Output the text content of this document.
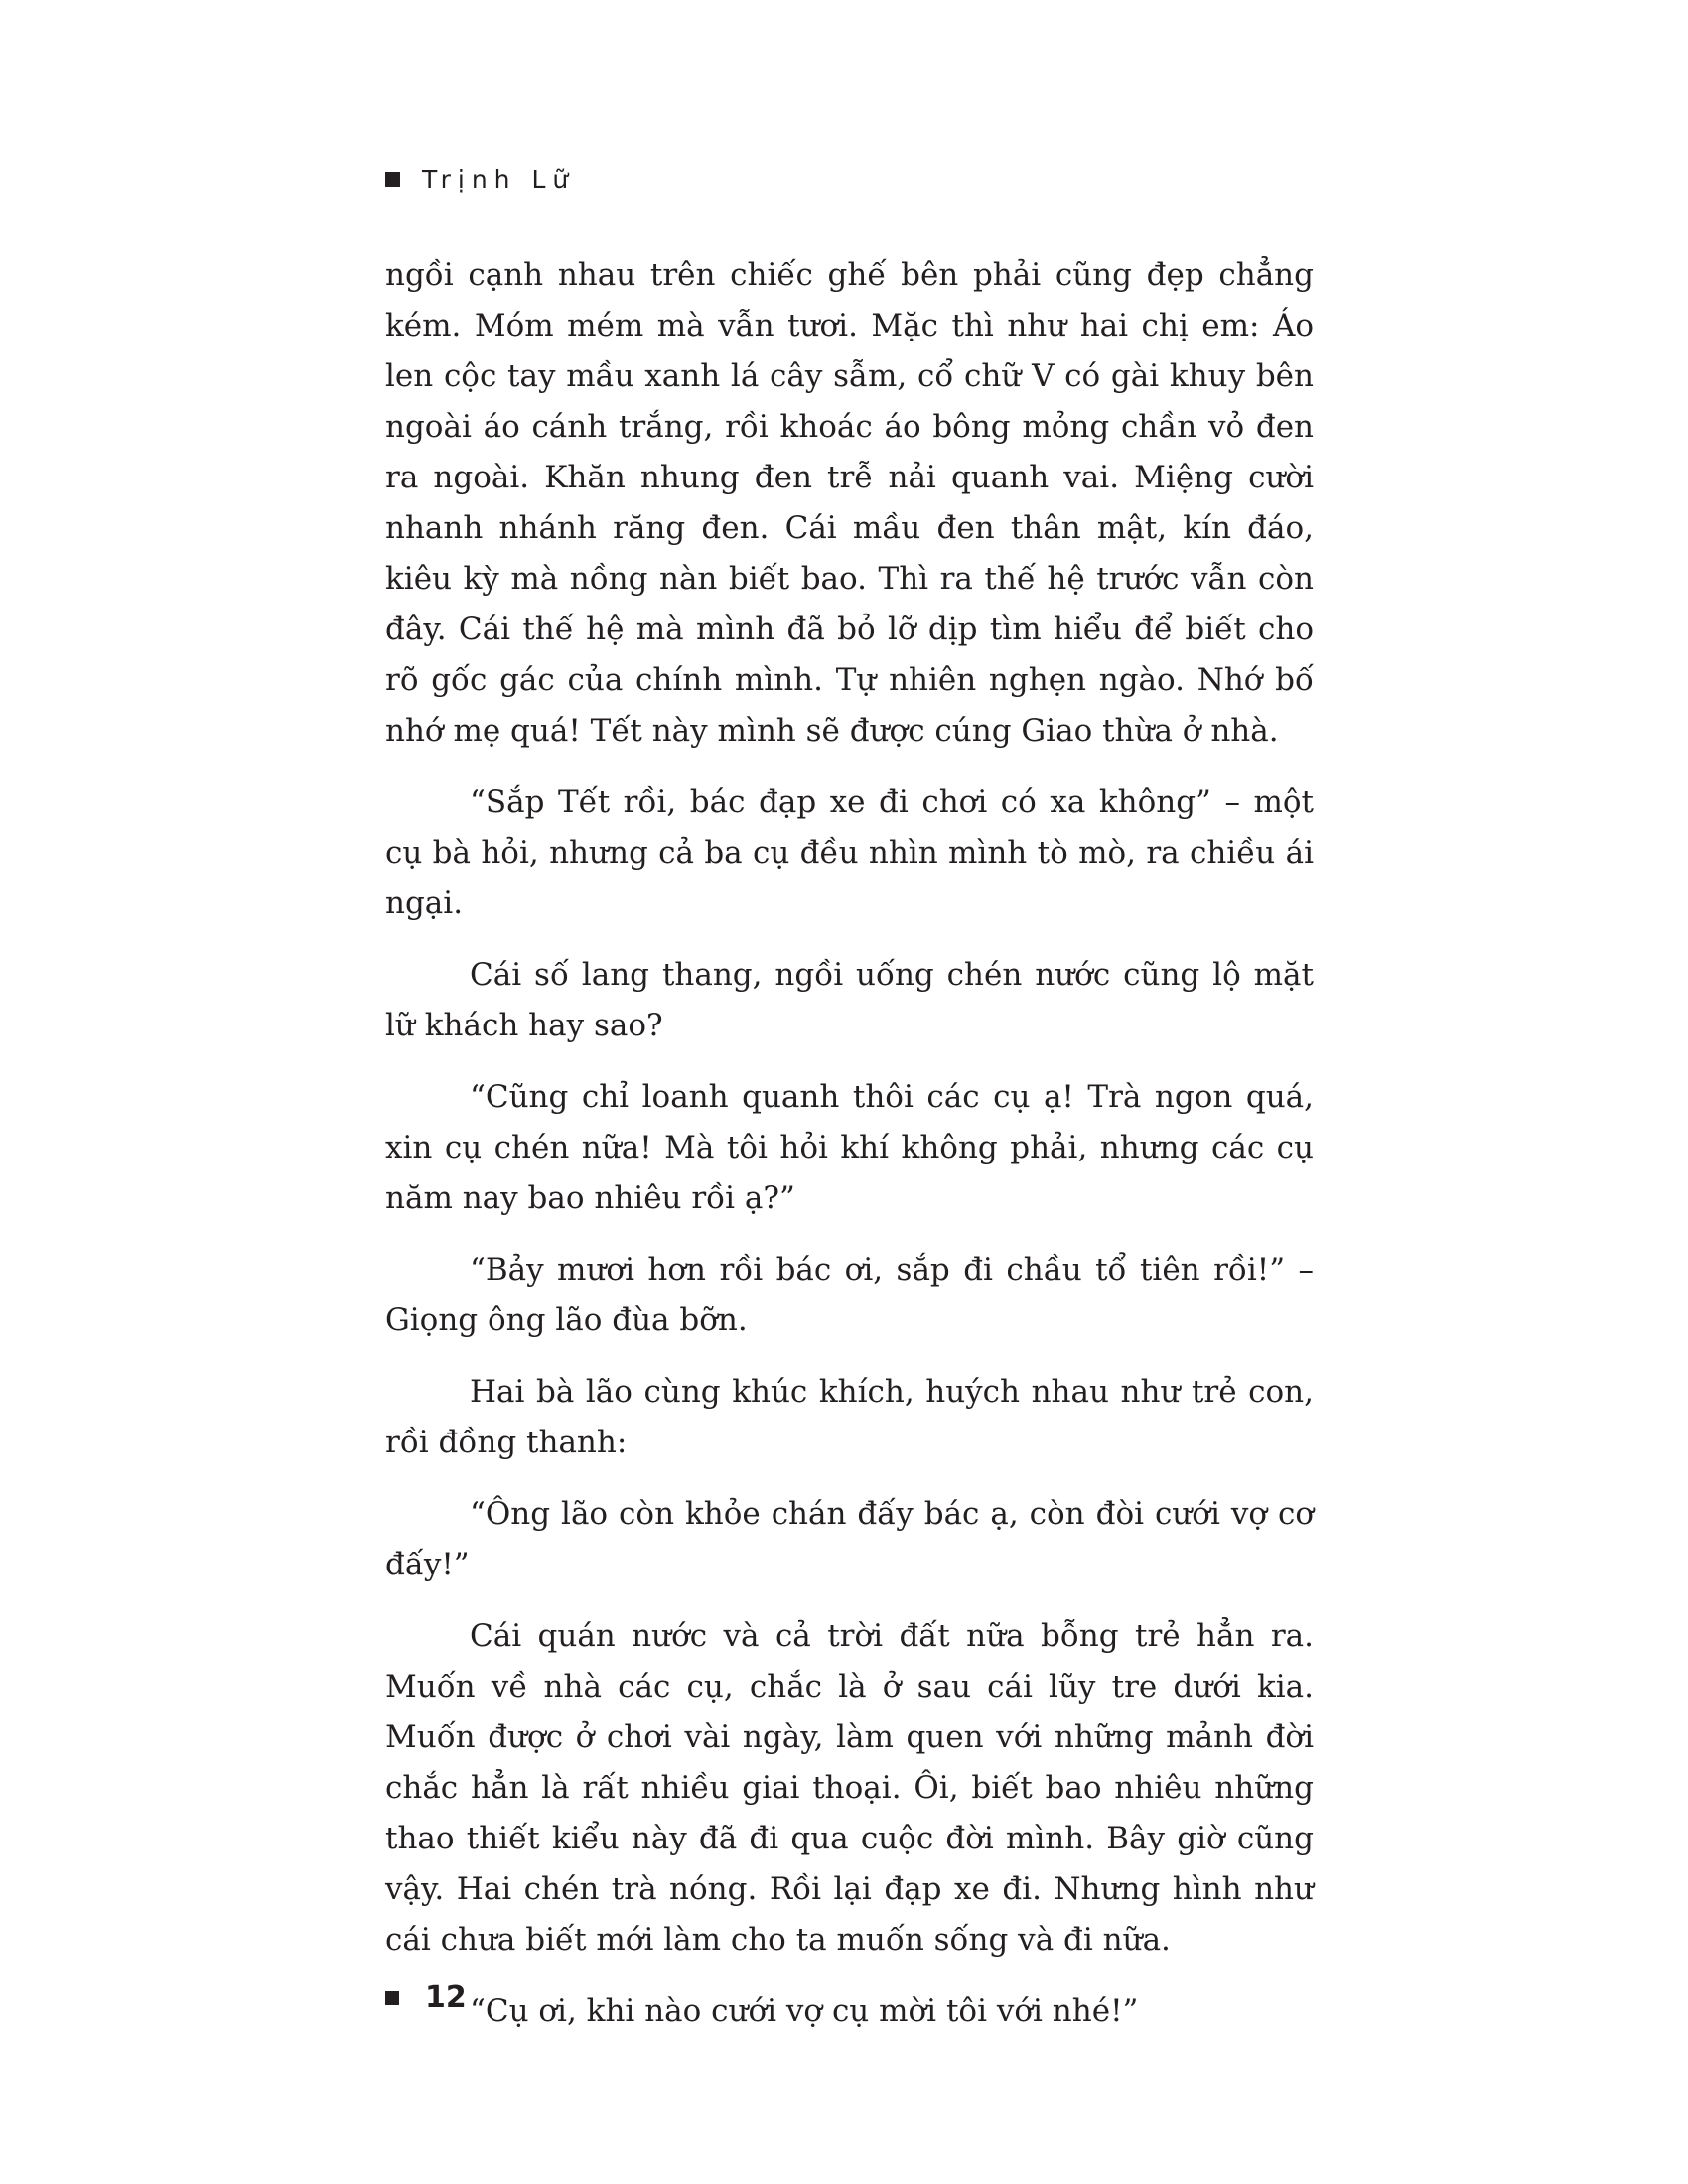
Trịnh Lữ

ngồi cạnh nhau trên chiếc ghế bên phải cũng đẹp chẳng kém. Móm mém mà vẫn tươi. Mặc thì như hai chị em: Áo len cộc tay mầu xanh lá cây sẫm, cổ chữ V có gài khuy bên ngoài áo cánh trắng, rồi khoác áo bông mỏng chần vỏ đen ra ngoài. Khăn nhung đen trễ nải quanh vai. Miệng cười nhanh nhánh răng đen. Cái mầu đen thân mật, kín đáo, kiêu kỳ mà nồng nàn biết bao. Thì ra thế hệ trước vẫn còn đây. Cái thế hệ mà mình đã bỏ lỡ dịp tìm hiểu để biết cho rõ gốc gác của chính mình. Tự nhiên nghẹn ngào. Nhớ bố nhớ mẹ quá! Tết này mình sẽ được cúng Giao thừa ở nhà.

“Sắp Tết rồi, bác đạp xe đi chơi có xa không” – một cụ bà hỏi, nhưng cả ba cụ đều nhìn mình tò mò, ra chiều ái ngại.

Cái số lang thang, ngồi uống chén nước cũng lộ mặt lữ khách hay sao?

“Cũng chỉ loanh quanh thôi các cụ ạ! Trà ngon quá, xin cụ chén nữa! Mà tôi hỏi khí không phải, nhưng các cụ năm nay bao nhiêu rồi ạ?”

“Bảy mươi hơn rồi bác ơi, sắp đi chầu tổ tiên rồi!” – Giọng ông lão đùa bỡn.

Hai bà lão cùng khúc khích, huých nhau như trẻ con, rồi đồng thanh:

“Ông lão còn khỏe chán đấy bác ạ, còn đòi cưới vợ cơ đấy!”

Cái quán nước và cả trời đất nữa bỗng trẻ hẳn ra. Muốn về nhà các cụ, chắc là ở sau cái lũy tre dưới kia. Muốn được ở chơi vài ngày, làm quen với những mảnh đời chắc hẳn là rất nhiều giai thoại. Ôi, biết bao nhiêu những thao thiết kiểu này đã đi qua cuộc đời mình. Bây giờ cũng vậy. Hai chén trà nóng. Rồi lại đạp xe đi. Nhưng hình như cái chưa biết mới làm cho ta muốn sống và đi nữa.

“Cụ ơi, khi nào cưới vợ cụ mời tôi với nhé!”

12
